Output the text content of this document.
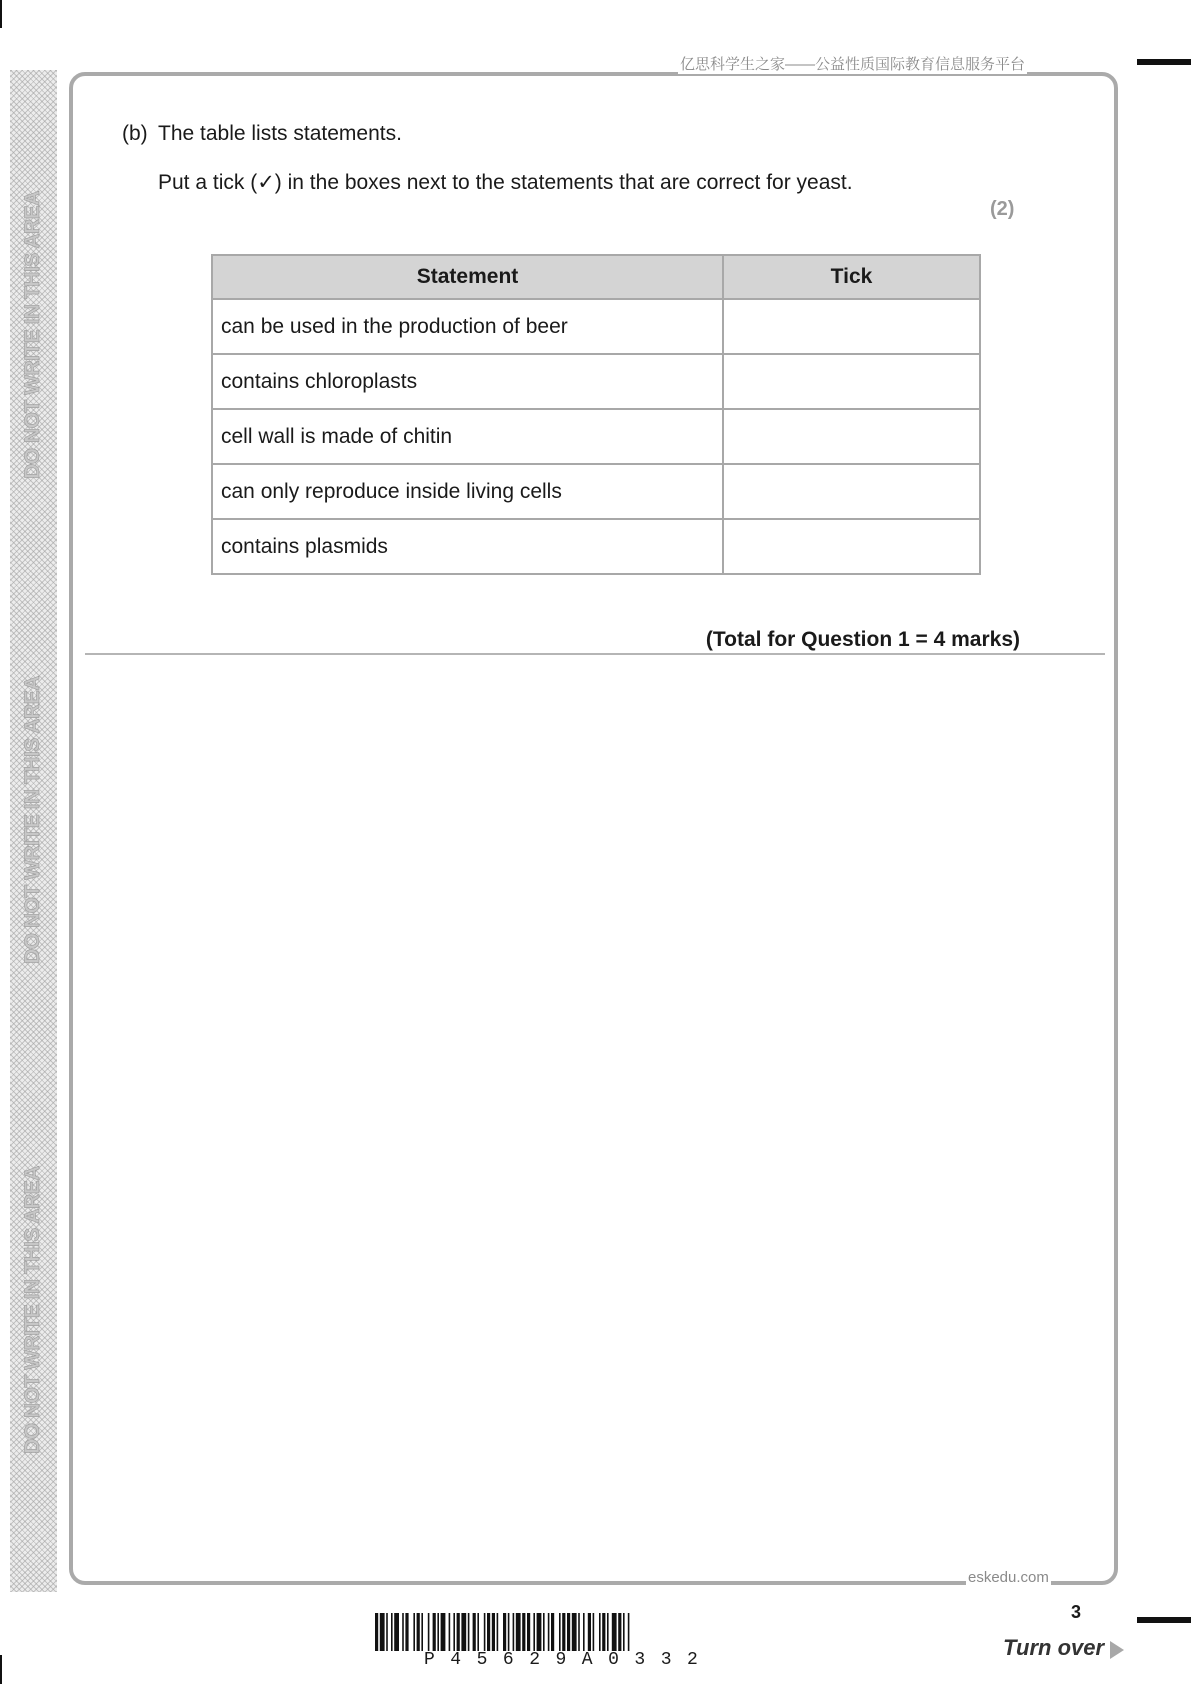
DO NOT WRITE IN THIS AREA
DO NOT WRITE IN THIS AREA
DO NOT WRITE IN THIS AREA
亿思科学生之家——公益性质国际教育信息服务平台
(b) The table lists statements.
Put a tick (✓) in the boxes next to the statements that are correct for yeast.
(2)
Statement	Tick
can be used in the production of beer	
contains chloroplasts	
cell wall is made of chitin	
can only reproduce inside living cells	
contains plasmids	
(Total for Question 1 = 4 marks)
eskedu.com
3
Turn over
P45629A0332
